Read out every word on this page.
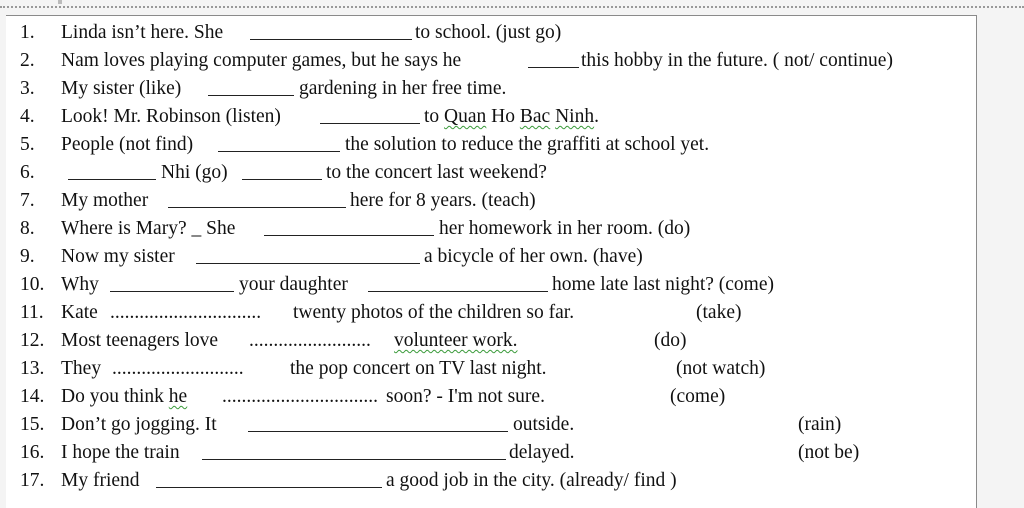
1. Linda isn’t here. She	to school. (just go)
2. Nam loves playing computer games, but he says he	this hobby in the future. ( not/ continue)
3. My sister (like)	gardening in her free time.
4. Look! Mr. Robinson (listen)	to Quan Ho Bac Ninh.
5. People (not find)	the solution to reduce the graffiti at school yet.
6.	Nhi (go)	to the concert last weekend?
7. My mother	here for 8 years. (teach)
8. Where is Mary? _ She	her homework in her room. (do)
9. Now my sister	a bicycle of her own. (have)
10. Why	your daughter	home late last night? (come)
11. Kate ............................... twenty photos of the children so far.	(take)
12. Most teenagers love ......................... volunteer work.	(do)
13. They ........................... the pop concert on TV last night.	(not watch)
14. Do you think he ................................ soon? - I'm not sure.	(come)
15. Don’t go jogging. It	outside.	(rain)
16. I hope the train	delayed.	(not be)
17. My friend	a good job in the city. (already/ find )
